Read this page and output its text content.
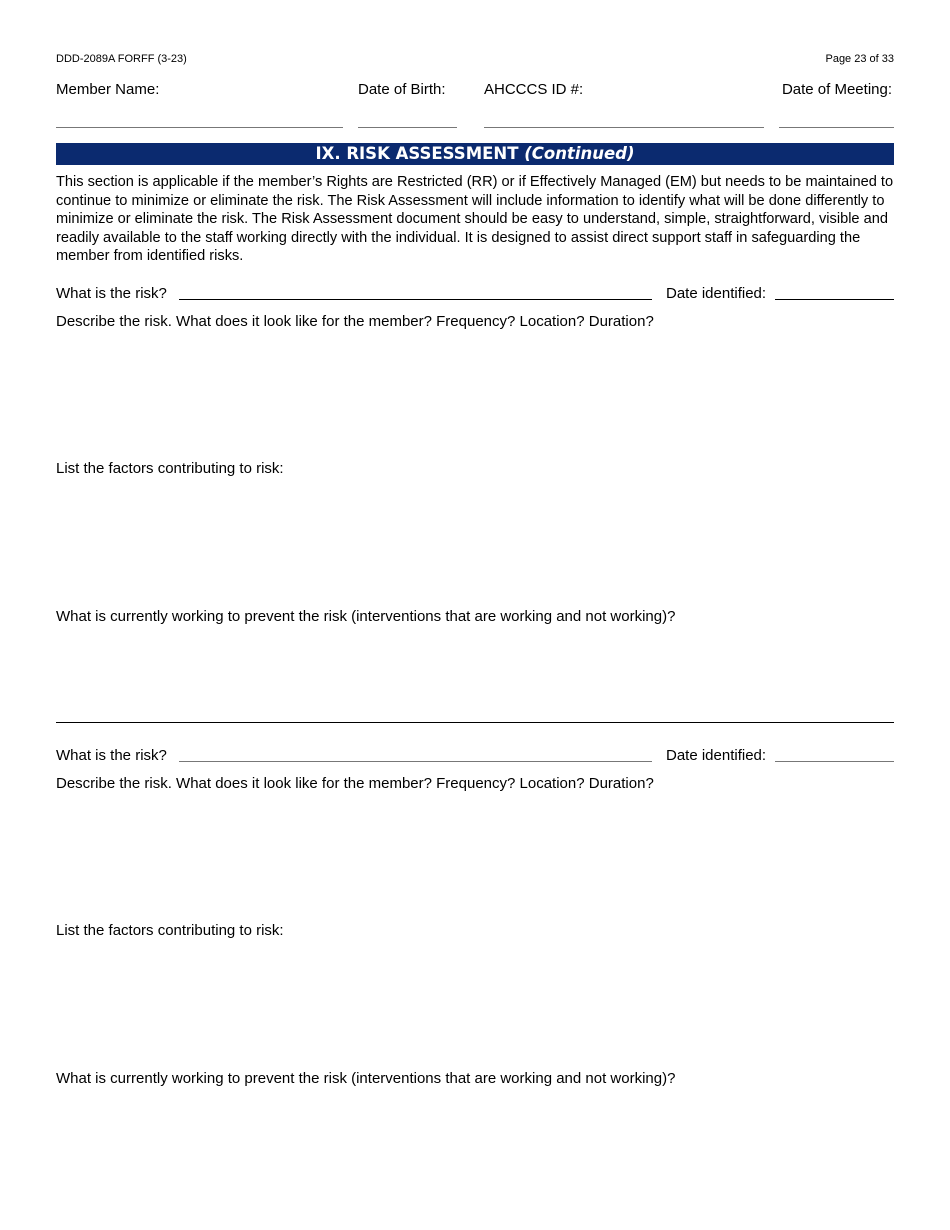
DDD-2089A FORFF (3-23)	Page 23 of 33
Member Name:	Date of Birth:	AHCCCS ID #:	Date of Meeting:
IX. RISK ASSESSMENT (Continued)
This section is applicable if the member’s Rights are Restricted (RR) or if Effectively Managed (EM) but needs to be maintained to continue to minimize or eliminate the risk. The Risk Assessment will include information to identify what will be done differently to minimize or eliminate the risk. The Risk Assessment document should be easy to understand, simple, straightforward, visible and readily available to the staff working directly with the individual. It is designed to assist direct support staff in safeguarding the member from identified risks.
What is the risk?	Date identified:
Describe the risk. What does it look like for the member? Frequency? Location? Duration?
List the factors contributing to risk:
What is currently working to prevent the risk (interventions that are working and not working)?
What is the risk?	Date identified:
Describe the risk. What does it look like for the member? Frequency? Location? Duration?
List the factors contributing to risk:
What is currently working to prevent the risk (interventions that are working and not working)?
